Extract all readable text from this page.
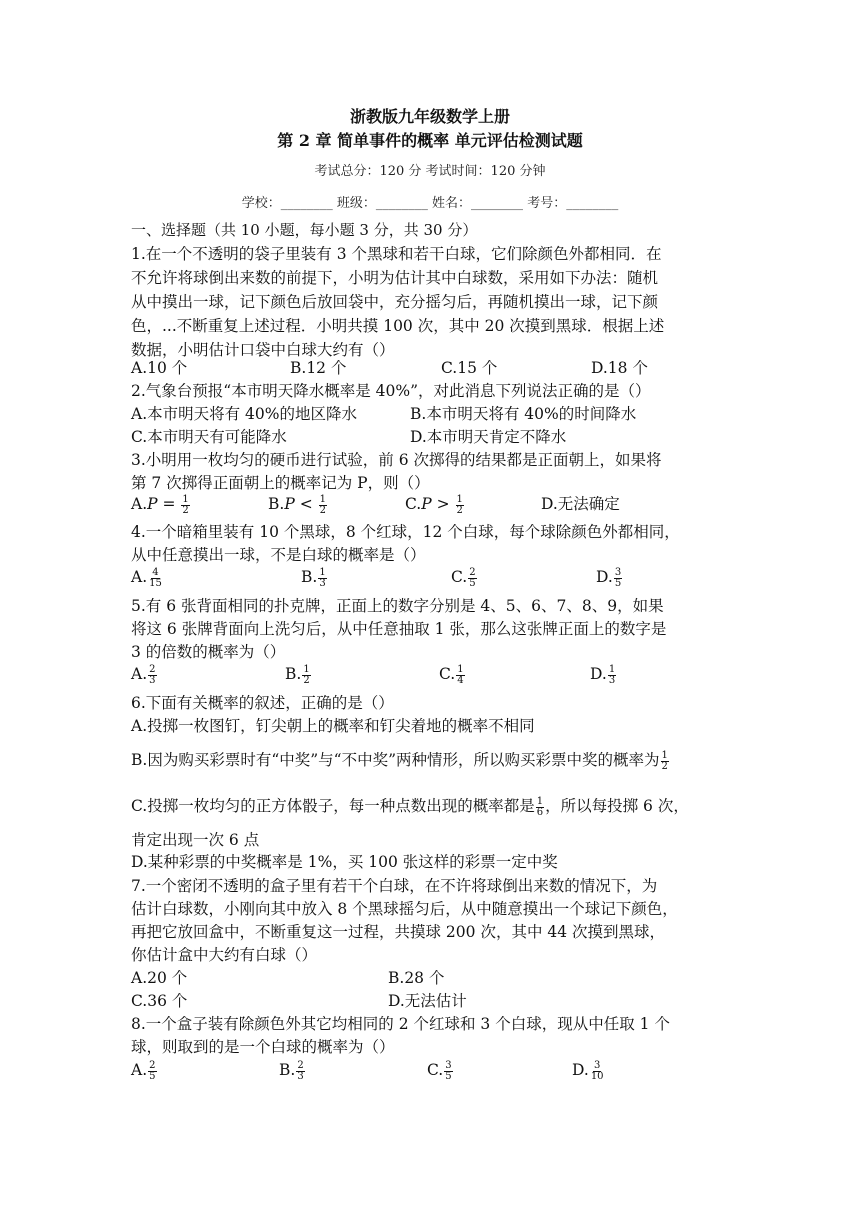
浙教版九年级数学上册
第 2 章 简单事件的概率 单元评估检测试题
考试总分：120 分 考试时间：120 分钟
学校：________ 班级：________ 姓名：________ 考号：________
一、选择题（共 10 小题，每小题 3 分，共 30 分）
1.在一个不透明的袋子里装有 3 个黑球和若干白球，它们除颜色外都相同．在
不允许将球倒出来数的前提下，小明为估计其中白球数，采用如下办法：随机
从中摸出一球，记下颜色后放回袋中，充分摇匀后，再随机摸出一球，记下颜
色，...不断重复上述过程．小明共摸 100 次，其中 20 次摸到黑球．根据上述
数据，小明估计口袋中白球大约有（）
A.10 个	B.12 个	C.15 个	D.18 个
2.气象台预报“本市明天降水概率是 40%”，对此消息下列说法正确的是（）
A.本市明天将有 40%的地区降水	B.本市明天将有 40%的时间降水
C.本市明天有可能降水	D.本市明天肯定不降水
3.小明用一枚均匀的硬币进行试验，前 6 次掷得的结果都是正面朝上，如果将
第 7 次掷得正面朝上的概率记为 P，则（）
$A.P = \frac{1}{2}$	$B.P < \frac{1}{2}$	$C.P > \frac{1}{2}$	D.无法确定
4.一个暗箱里装有 10 个黑球，8 个红球，12 个白球，每个球除颜色外都相同，
从中任意摸出一球，不是白球的概率是（）
A. $\frac{4}{15}$	B. $\frac{1}{3}$	C. $\frac{2}{5}$	D. $\frac{3}{5}$
5.有 6 张背面相同的扑克牌，正面上的数字分别是 4、5、6、7、8、9，如果
将这 6 张牌背面向上洗匀后，从中任意抽取 1 张，那么这张牌正面上的数字是
3 的倍数的概率为（）
A. $\frac{2}{3}$	B. $\frac{1}{2}$	C. $\frac{1}{4}$	D. $\frac{1}{3}$
6.下面有关概率的叙述，正确的是（）
A.投掷一枚图钉，钉尖朝上的概率和钉尖着地的概率不相同
B.因为购买彩票时有“中奖”与“不中奖”两种情形，所以购买彩票中奖的概率为 $\frac{1}{2}$
C.投掷一枚均匀的正方体骰子，每一种点数出现的概率都是 $\frac{1}{6}$ ，所以每投掷 6 次，
肯定出现一次 6 点
D.某种彩票的中奖概率是 1%，买 100 张这样的彩票一定中奖
7.一个密闭不透明的盒子里有若干个白球，在不许将球倒出来数的情况下，为
估计白球数，小刚向其中放入 8 个黑球摇匀后，从中随意摸出一个球记下颜色，
再把它放回盒中，不断重复这一过程，共摸球 200 次，其中 44 次摸到黑球，
你估计盒中大约有白球（）
A.20 个	B.28 个
C.36 个	D.无法估计
8.一个盒子装有除颜色外其它均相同的 2 个红球和 3 个白球，现从中任取 1 个
球，则取到的是一个白球的概率为（）
A. $\frac{2}{5}$	B. $\frac{2}{3}$	C. $\frac{3}{5}$	D. $\frac{3}{10}$
